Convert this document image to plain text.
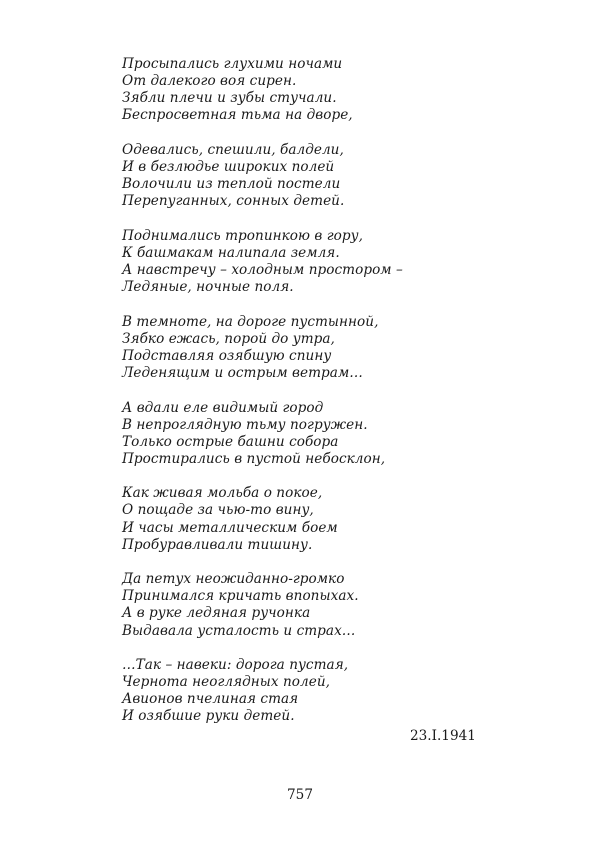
Просыпались глухими ночами
От далекого воя сирен.
Зябли плечи и зубы стучали.
Беспросветная тьма на дворе,
Одевались, спешили, балдели,
И в безлюдье широких полей
Волочили из теплой постели
Перепуганных, сонных детей.
Поднимались тропинкою в гору,
К башмакам налипала земля.
А навстречу – холодным простором –
Ледяные, ночные поля.
В темноте, на дороге пустынной,
Зябко ежась, порой до утра,
Подставляя озябшую спину
Леденящим и острым ветрам…
А вдали еле видимый город
В непроглядную тьму погружен.
Только острые башни собора
Простирались в пустой небосклон,
Как живая мольба о покое,
О пощаде за чью-то вину,
И часы металлическим боем
Пробуравливали тишину.
Да петух неожиданно-громко
Принимался кричать впопыхах.
А в руке ледяная ручонка
Выдавала усталость и страх…
…Так – навеки: дорога пустая,
Чернота неоглядных полей,
Авионов пчелиная стая
И озябшие руки детей.
23.I.1941
757
